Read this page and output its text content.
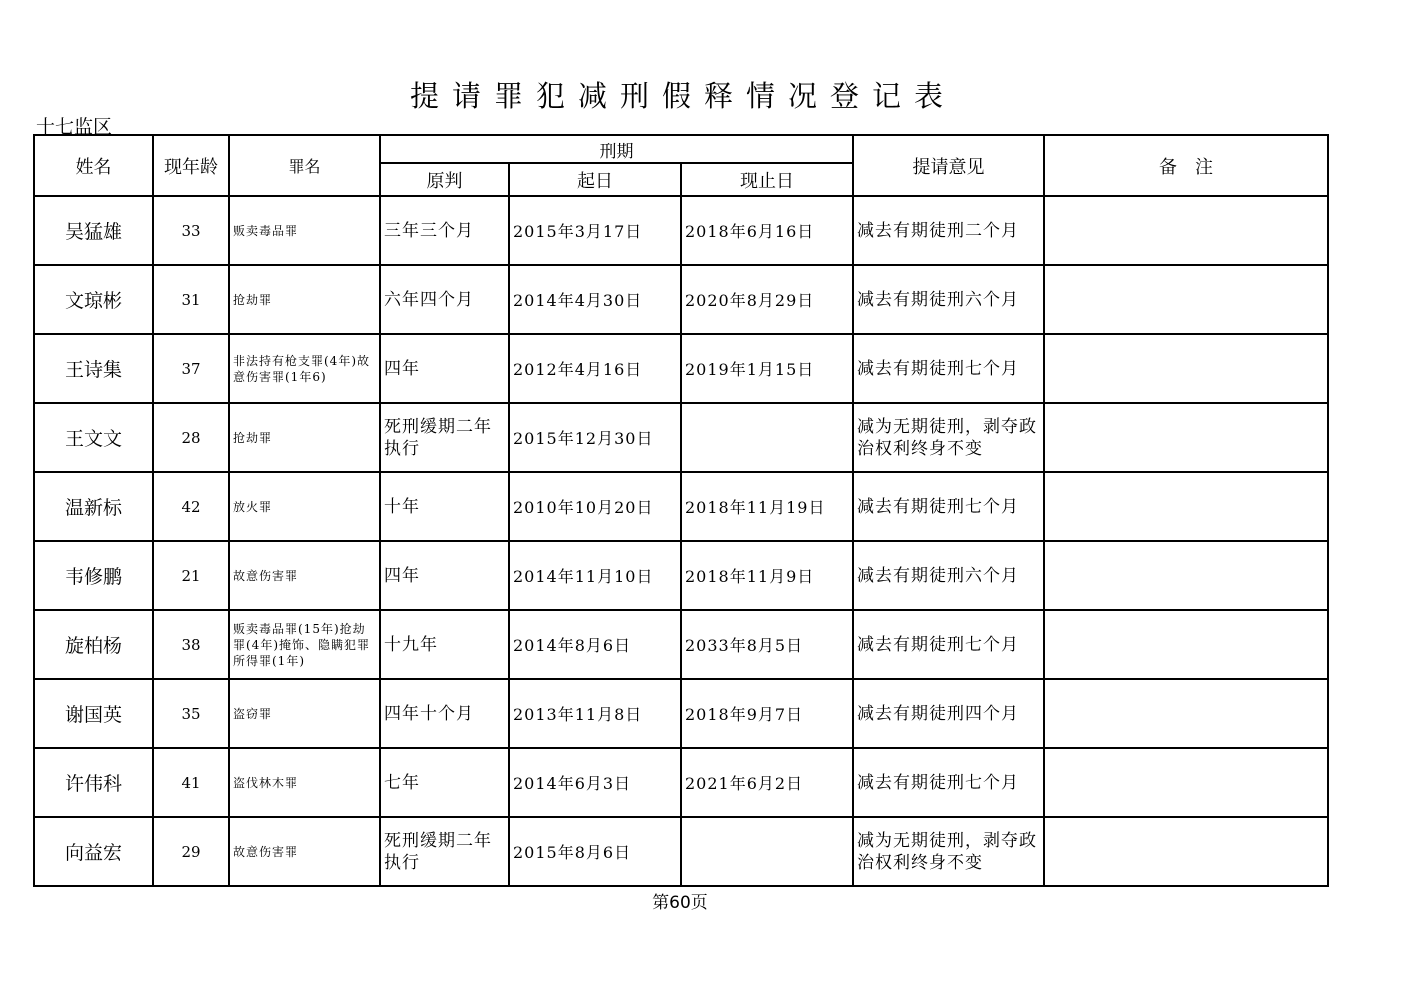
提请罪犯减刑假释情况登记表
十七监区
姓名	现年龄	罪名	刑期			提请意见	备　注
			原判	起日	现止日		
吴猛雄	33	贩卖毒品罪	三年三个月	2015年3月17日	2018年6月16日	减去有期徒刑二个月	
文琼彬	31	抢劫罪	六年四个月	2014年4月30日	2020年8月29日	减去有期徒刑六个月	
王诗集	37	非法持有枪支罪(4年)故意伤害罪(1年6)	四年	2012年4月16日	2019年1月15日	减去有期徒刑七个月	
王文文	28	抢劫罪	死刑缓期二年执行	2015年12月30日		减为无期徒刑，剥夺政治权利终身不变	
温新标	42	放火罪	十年	2010年10月20日	2018年11月19日	减去有期徒刑七个月	
韦修鹏	21	故意伤害罪	四年	2014年11月10日	2018年11月9日	减去有期徒刑六个月	
旋柏杨	38	贩卖毒品罪(15年)抢劫罪(4年)掩饰、隐瞒犯罪所得罪(1年)	十九年	2014年8月6日	2033年8月5日	减去有期徒刑七个月	
谢国英	35	盗窃罪	四年十个月	2013年11月8日	2018年9月7日	减去有期徒刑四个月	
许伟科	41	盗伐林木罪	七年	2014年6月3日	2021年6月2日	减去有期徒刑七个月	
向益宏	29	故意伤害罪	死刑缓期二年执行	2015年8月6日		减为无期徒刑，剥夺政治权利终身不变	
第60页
